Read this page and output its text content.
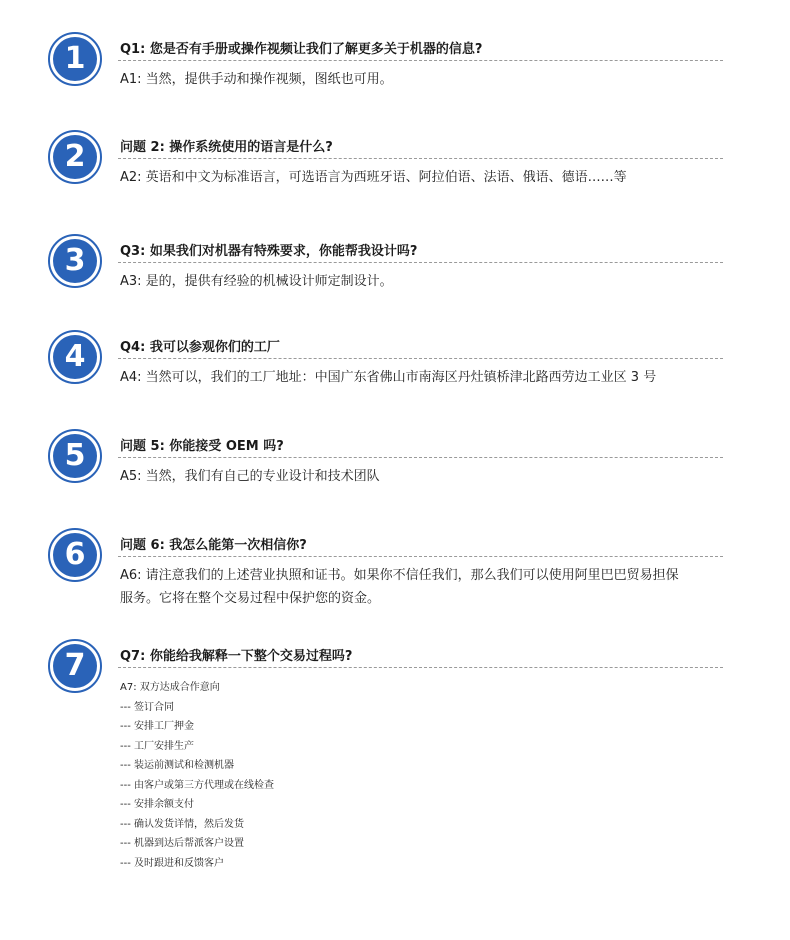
1	Q1: 您是否有手册或操作视频让我们了解更多关于机器的信息?
A1: 当然，提供手动和操作视频，图纸也可用。
2	问题 2: 操作系统使用的语言是什么?
A2: 英语和中文为标准语言，可选语言为西班牙语、阿拉伯语、法语、俄语、德语……等
3	Q3: 如果我们对机器有特殊要求，你能帮我设计吗?
A3: 是的，提供有经验的机械设计师定制设计。
4	Q4: 我可以参观你们的工厂
A4: 当然可以，我们的工厂地址：中国广东省佛山市南海区丹灶镇桥津北路西劳边工业区 3 号
5	问题 5: 你能接受 OEM 吗?
A5: 当然，我们有自己的专业设计和技术团队
6	问题 6: 我怎么能第一次相信你?
A6: 请注意我们的上述营业执照和证书。如果你不信任我们，那么我们可以使用阿里巴巴贸易担保服务。它将在整个交易过程中保护您的资金。
7	Q7: 你能给我解释一下整个交易过程吗?
A7: 双方达成合作意向
--- 签订合同
--- 安排工厂押金
--- 工厂安排生产
--- 装运前测试和检测机器
--- 由客户或第三方代理或在线检查
--- 安排余额支付
--- 确认发货详情，然后发货
--- 机器到达后帮派客户设置
--- 及时跟进和反馈客户
